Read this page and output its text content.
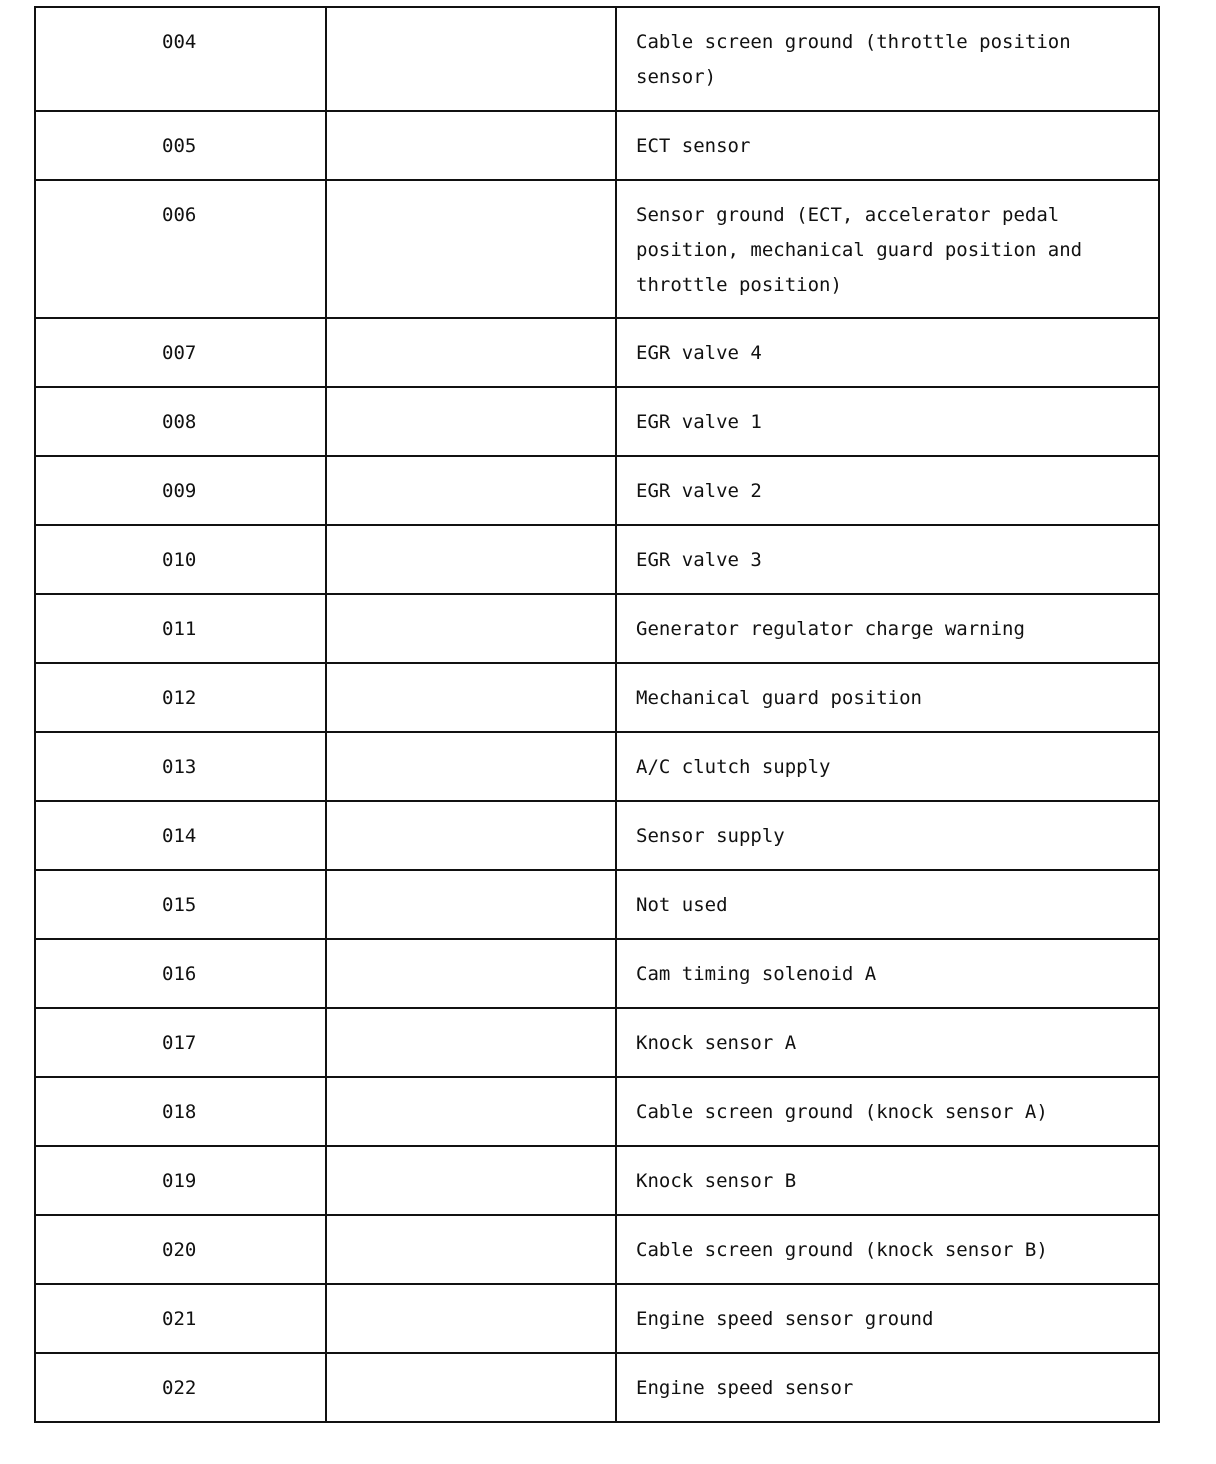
004		Cable screen ground (throttle position sensor)
005		ECT sensor
006		Sensor ground (ECT, accelerator pedal position, mechanical guard position and throttle position)
007		EGR valve 4
008		EGR valve 1
009		EGR valve 2
010		EGR valve 3
011		Generator regulator charge warning
012		Mechanical guard position
013		A/C clutch supply
014		Sensor supply
015		Not used
016		Cam timing solenoid A
017		Knock sensor A
018		Cable screen ground (knock sensor A)
019		Knock sensor B
020		Cable screen ground (knock sensor B)
021		Engine speed sensor ground
022		Engine speed sensor
